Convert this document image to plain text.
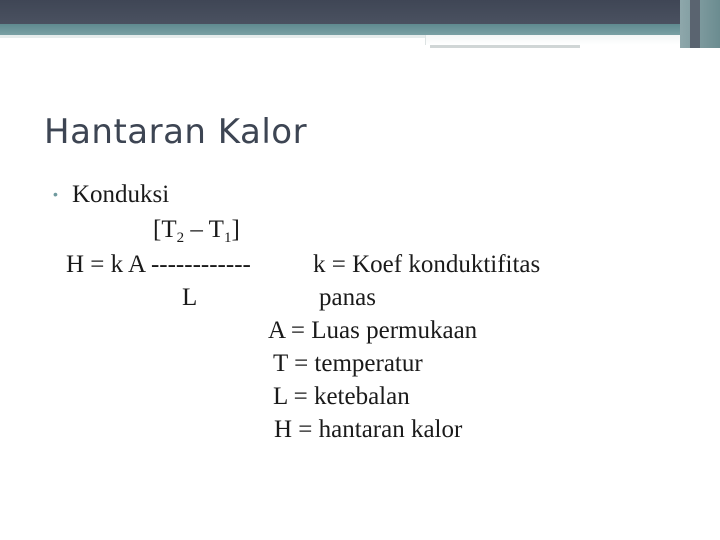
Hantaran Kalor
• Konduksi
$[T_2 - T_1]$
H = k A ------------ k = Koef konduktifitas
L	panas
A = Luas permukaan
T = temperatur
L = ketebalan
H = hantaran kalor
